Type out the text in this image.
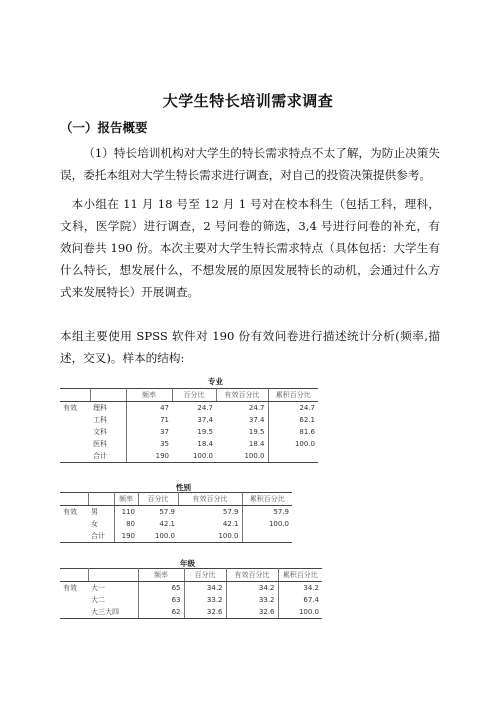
大学生特长培训需求调查
（一）报告概要
（1）特长培训机构对大学生的特长需求特点不太了解，为防止决策失误，委托本组对大学生特长需求进行调查，对自己的投资决策提供参考。
本小组在 11 月 18 号至 12 月 1 号对在校本科生（包括工科，理科，文科，医学院）进行调查，2 号问卷的筛选，3,4 号进行问卷的补充，有效问卷共 190 份。本次主要对大学生特长需求特点（具体包括：大学生有什么特长，想发展什么，不想发展的原因发展特长的动机，会通过什么方式来发展特长）开展调查。
本组主要使用 SPSS 软件对 190 份有效问卷进行描述统计分析(频率,描述，交叉)。样本的结构:
专业
		频率	百分比	有效百分比	累积百分比
有效	理科	47	24.7	24.7	24.7
	工科	71	37.4	37.4	62.1
	文科	37	19.5	19.5	81.6
	医科	35	18.4	18.4	100.0
	合计	190	100.0	100.0	
性别
		频率	百分比	有效百分比	累积百分比
有效	男	110	57.9	57.9	57.9
	女	80	42.1	42.1	100.0
	合计	190	100.0	100.0	
年级
		频率	百分比	有效百分比	累积百分比
有效	大一	65	34.2	34.2	34.2
	大二	63	33.2	33.2	67.4
	大三大四	62	32.6	32.6	100.0
